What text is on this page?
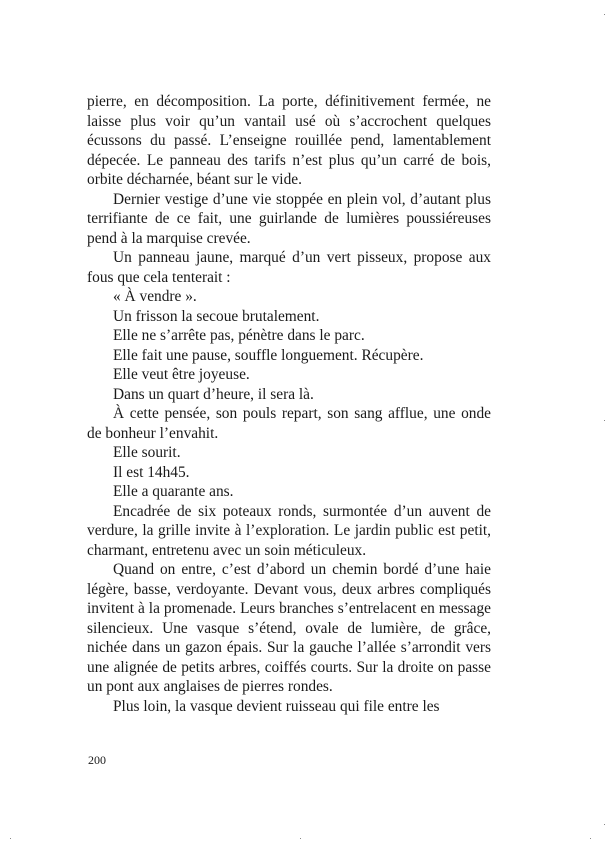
pierre, en décomposition. La porte, définitivement fermée, ne laisse plus voir qu’un vantail usé où s’accrochent quelques écussons du passé. L’enseigne rouillée pend, lamentablement dépecée. Le panneau des tarifs n’est plus qu’un carré de bois, orbite décharnée, béant sur le vide.

Dernier vestige d’une vie stoppée en plein vol, d’autant plus terrifiante de ce fait, une guirlande de lumières poussiéreuses pend à la marquise crevée.

Un panneau jaune, marqué d’un vert pisseux, propose aux fous que cela tenterait :

« À vendre ».

Un frisson la secoue brutalement.

Elle ne s’arrête pas, pénètre dans le parc.

Elle fait une pause, souffle longuement. Récupère.

Elle veut être joyeuse.

Dans un quart d’heure, il sera là.

À cette pensée, son pouls repart, son sang afflue, une onde de bonheur l’envahit.

Elle sourit.

Il est 14h45.

Elle a quarante ans.

Encadrée de six poteaux ronds, surmontée d’un auvent de verdure, la grille invite à l’exploration. Le jardin public est petit, charmant, entretenu avec un soin méticuleux.

Quand on entre, c’est d’abord un chemin bordé d’une haie légère, basse, verdoyante. Devant vous, deux arbres compliqués invitent à la promenade. Leurs branches s’entrelacent en message silencieux. Une vasque s’étend, ovale de lumière, de grâce, nichée dans un gazon épais. Sur la gauche l’allée s’arrondit vers une alignée de petits arbres, coiffés courts. Sur la droite on passe un pont aux anglaises de pierres rondes.

Plus loin, la vasque devient ruisseau qui file entre les

200
